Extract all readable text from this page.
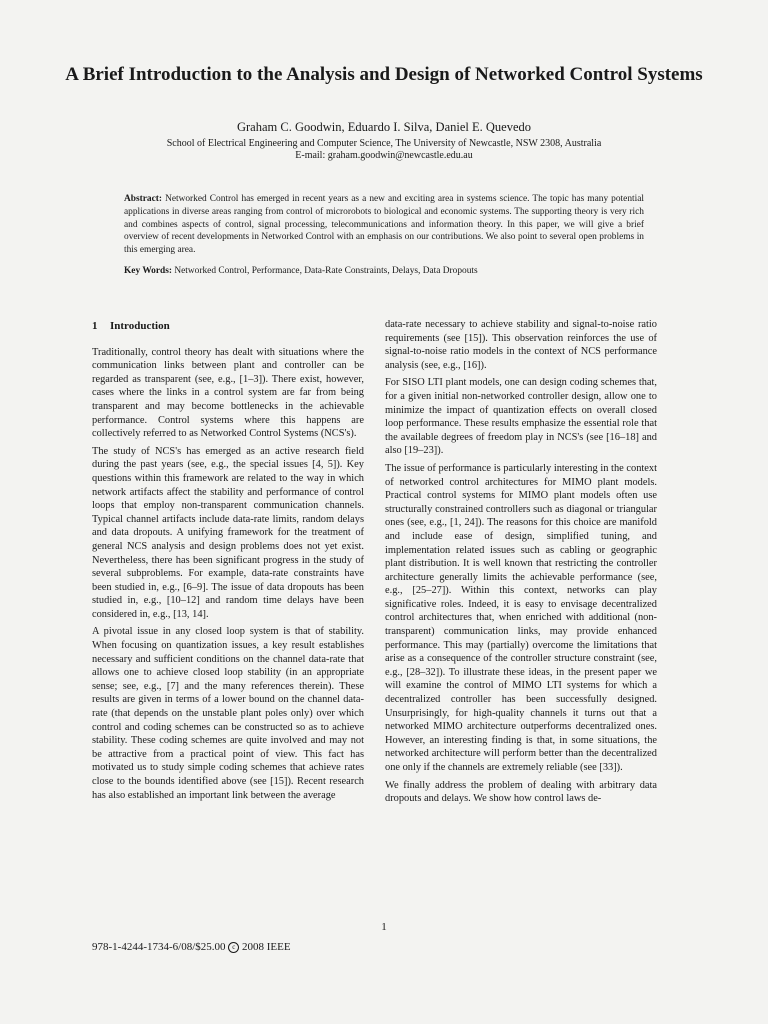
A Brief Introduction to the Analysis and Design of Networked Control Systems
Graham C. Goodwin, Eduardo I. Silva, Daniel E. Quevedo
School of Electrical Engineering and Computer Science, The University of Newcastle, NSW 2308, Australia
E-mail: graham.goodwin@newcastle.edu.au
Abstract: Networked Control has emerged in recent years as a new and exciting area in systems science. The topic has many potential applications in diverse areas ranging from control of microrobots to biological and economic systems. The supporting theory is very rich and combines aspects of control, signal processing, telecommunications and information theory. In this paper, we will give a brief overview of recent developments in Networked Control with an emphasis on our contributions. We also point to several open problems in this emerging area.
Key Words: Networked Control, Performance, Data-Rate Constraints, Delays, Data Dropouts
1 Introduction

Traditionally, control theory has dealt with situations where the communication links between plant and controller can be regarded as transparent (see, e.g., [1–3]). There exist, however, cases where the links in a control system are far from being transparent and may become bottlenecks in the achievable performance. Control systems where this happens are collectively referred to as Networked Control Systems (NCS's).

The study of NCS's has emerged as an active research field during the past years (see, e.g., the special issues [4, 5]). Key questions within this framework are related to the way in which network artifacts affect the stability and performance of control loops that employ non-transparent communication channels. Typical channel artifacts include data-rate limits, random delays and data dropouts. A unifying framework for the treatment of general NCS analysis and design problems does not yet exist. Nevertheless, there has been significant progress in the study of several subproblems. For example, data-rate constraints have been studied in, e.g., [6–9]. The issue of data dropouts has been studied in, e.g., [10–12] and random time delays have been considered in, e.g., [13, 14].

A pivotal issue in any closed loop system is that of stability. When focusing on quantization issues, a key result establishes necessary and sufficient conditions on the channel data-rate that allows one to achieve closed loop stability (in an appropriate sense; see, e.g., [7] and the many references therein). These results are given in terms of a lower bound on the channel data-rate (that depends on the unstable plant poles only) over which control and coding schemes can be constructed so as to achieve stability. These coding schemes are quite involved and may not be attractive from a practical point of view. This fact has motivated us to study simple coding schemes that achieve rates close to the bounds identified above (see [15]). Recent research has also established an important link between the average

data-rate necessary to achieve stability and signal-to-noise ratio requirements (see [15]). This observation reinforces the use of signal-to-noise ratio models in the context of NCS performance analysis (see, e.g., [16]).

For SISO LTI plant models, one can design coding schemes that, for a given initial non-networked controller design, allow one to minimize the impact of quantization effects on overall closed loop performance. These results emphasize the essential role that the available degrees of freedom play in NCS's (see [16–18] and also [19–23]).

The issue of performance is particularly interesting in the context of networked control architectures for MIMO plant models. Practical control systems for MIMO plant models often use structurally constrained controllers such as diagonal or triangular ones (see, e.g., [1, 24]). The reasons for this choice are manifold and include ease of design, simplified tuning, and implementation related issues such as cabling or geographic plant distribution. It is well known that restricting the controller architecture generally limits the achievable performance (see, e.g., [25–27]). Within this context, networks can play significative roles. Indeed, it is easy to envisage decentralized control architectures that, when enriched with additional (non-transparent) communication links, may provide enhanced performance. This may (partially) overcome the limitations that arise as a consequence of the controller structure constraint (see, e.g., [28–32]). To illustrate these ideas, in the present paper we will examine the control of MIMO LTI systems for which a decentralized controller has been successfully designed. Unsurprisingly, for high-quality channels it turns out that a networked MIMO architecture outperforms decentralized ones. However, an interesting finding is that, in some situations, the networked architecture will perform better than the decentralized one only if the channels are extremely reliable (see [33]).

We finally address the problem of dealing with arbitrary data dropouts and delays. We show how control laws de-

1
978-1-4244-1734-6/08/$25.00 c 2008 IEEE
